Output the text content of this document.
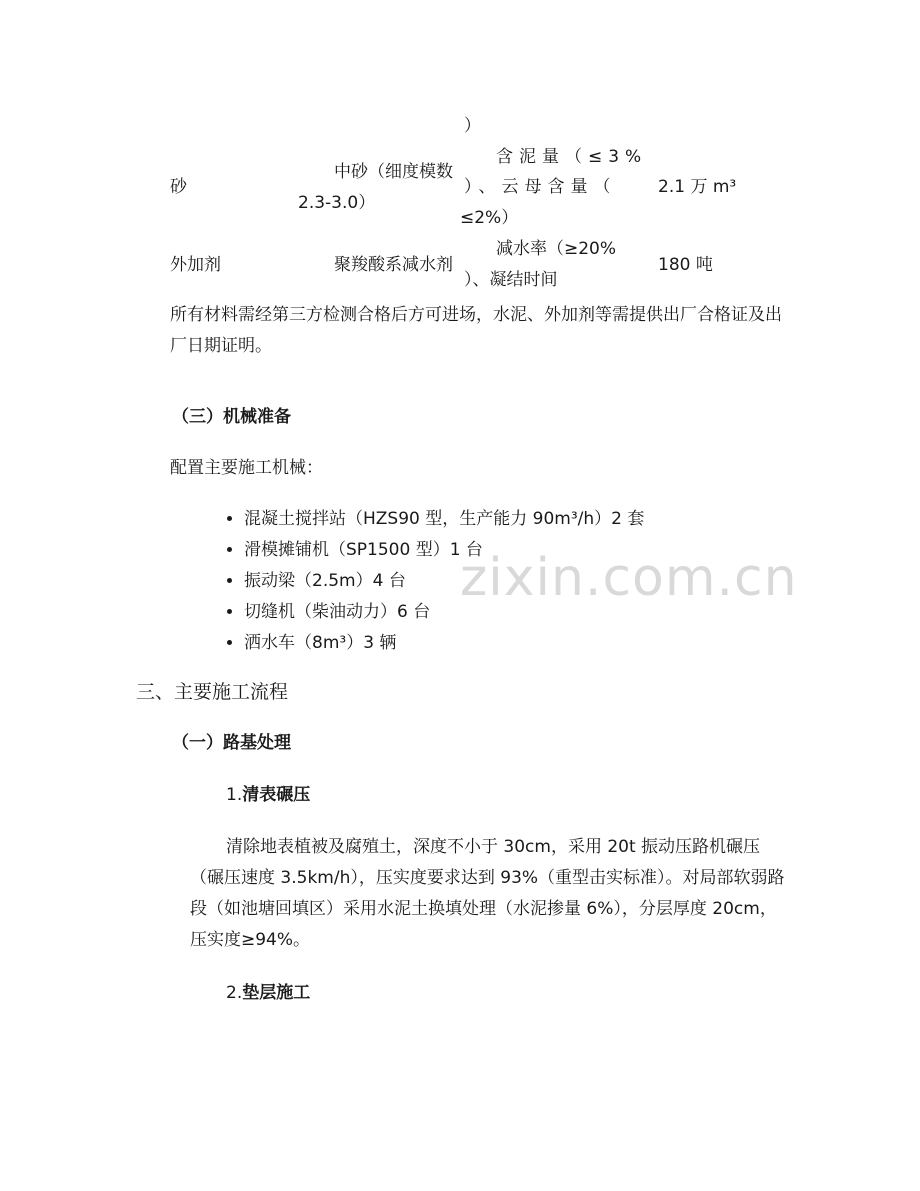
zixin.com.cn
）
砂
中砂（细度模数
2.3-3.0）
含泥量（≤3%
）、云母含量（
≤2%）
2.1 万 m³
外加剂	聚羧酸系减水剂
减水率（≥20%
）、凝结时间
180 吨

所有材料需经第三方检测合格后方可进场，水泥、外加剂等需提供出厂合格证及出厂日期证明。

（三）机械准备
配置主要施工机械：
• 混凝土搅拌站（HZS90 型，生产能力 90m³/h）2 套
• 滑模摊铺机（SP1500 型）1 台
• 振动梁（2.5m）4 台
• 切缝机（柴油动力）6 台
• 洒水车（8m³）3 辆
三、主要施工流程
（一）路基处理
1.清表碾压

清除地表植被及腐殖土，深度不小于 30cm，采用 20t 振动压路机碾压（碾压速度 3.5km/h），压实度要求达到 93%（重型击实标准）。对局部软弱路段（如池塘回填区）采用水泥土换填处理（水泥掺量 6%），分层厚度 20cm，压实度≥94%。

2.垫层施工
